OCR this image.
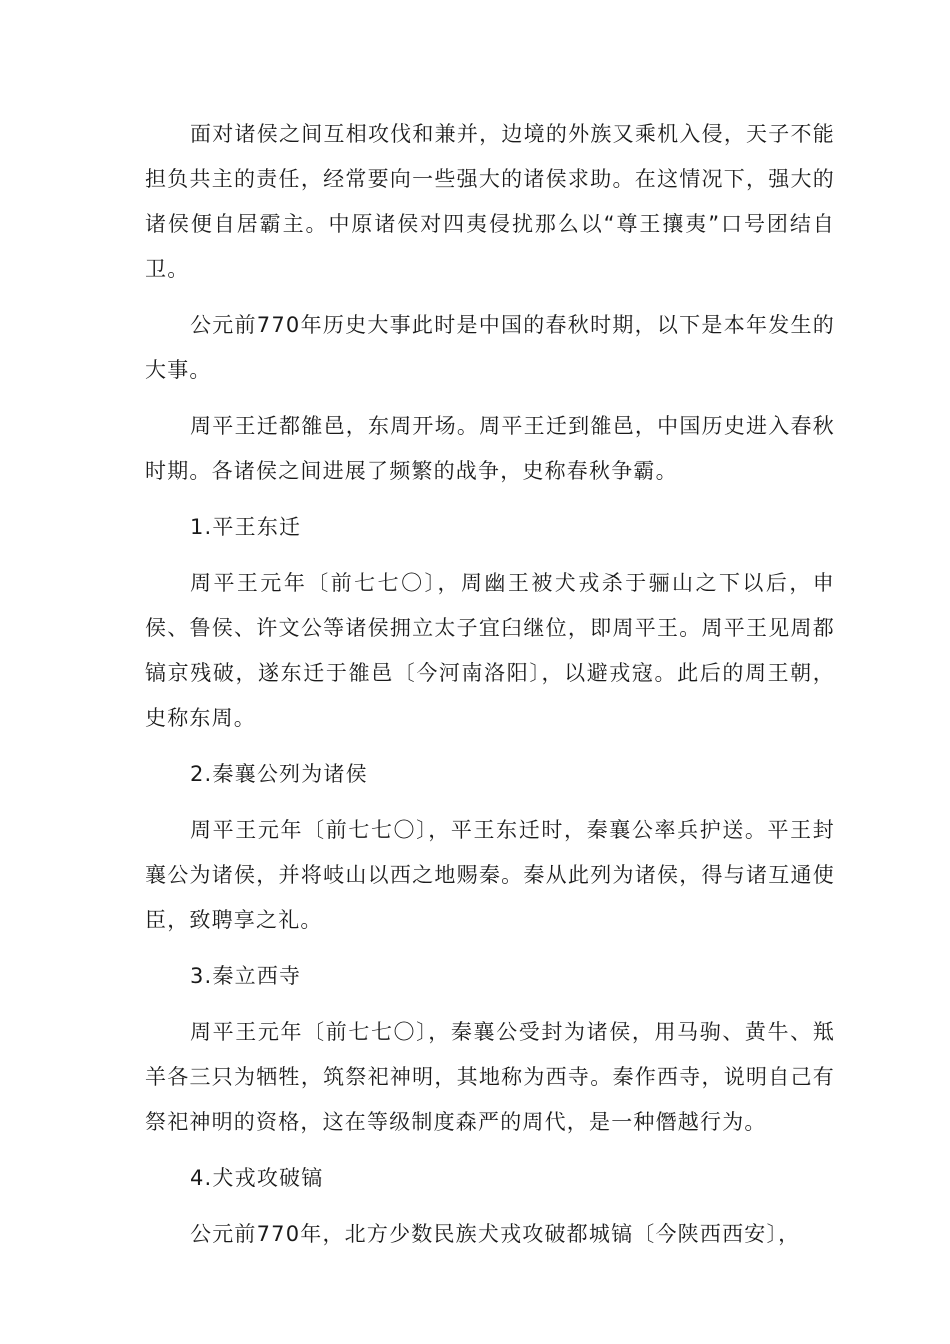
面对诸侯之间互相攻伐和兼并，边境的外族又乘机入侵，天子不能担负共主的责任，经常要向一些强大的诸侯求助。在这情况下，强大的诸侯便自居霸主。中原诸侯对四夷侵扰那么以“尊王攘夷”口号团结自卫。

公元前770年历史大事此时是中国的春秋时期，以下是本年发生的大事。

周平王迁都雒邑，东周开场。周平王迁到雒邑，中国历史进入春秋时期。各诸侯之间进展了频繁的战争，史称春秋争霸。

1.平王东迁

周平王元年〔前七七〇〕，周幽王被犬戎杀于骊山之下以后，申侯、鲁侯、许文公等诸侯拥立太子宜臼继位，即周平王。周平王见周都镐京残破，遂东迁于雒邑〔今河南洛阳〕，以避戎寇。此后的周王朝，史称东周。

2.秦襄公列为诸侯

周平王元年〔前七七〇〕，平王东迁时，秦襄公率兵护送。平王封襄公为诸侯，并将岐山以西之地赐秦。秦从此列为诸侯，得与诸互通使臣，致聘享之礼。

3.秦立西寺

周平王元年〔前七七〇〕，秦襄公受封为诸侯，用马驹、黄牛、羝羊各三只为牺牲，筑祭祀神明，其地称为西寺。秦作西寺，说明自己有祭祀神明的资格，这在等级制度森严的周代，是一种僭越行为。

4.犬戎攻破镐

公元前770年，北方少数民族犬戎攻破都城镐〔今陕西西安〕，
